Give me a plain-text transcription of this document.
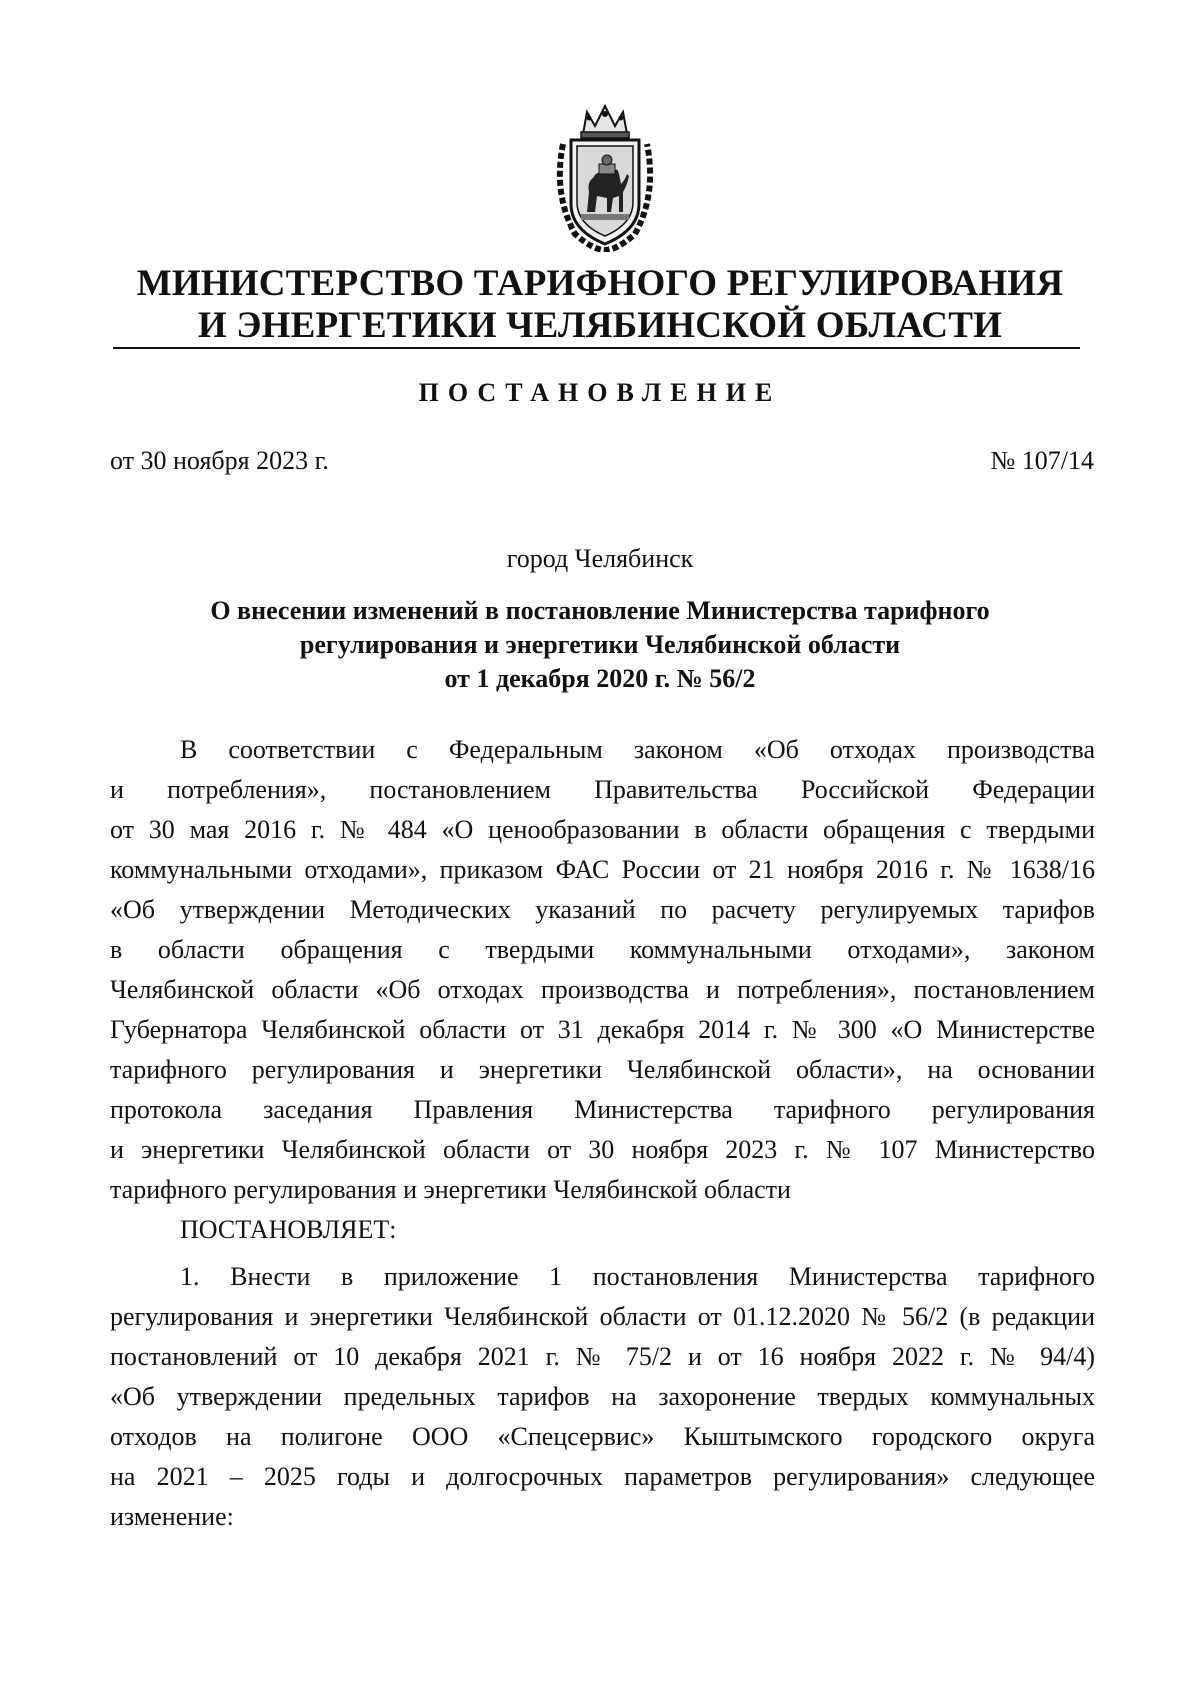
МИНИСТЕРСТВО ТАРИФНОГО РЕГУЛИРОВАНИЯ
И ЭНЕРГЕТИКИ ЧЕЛЯБИНСКОЙ ОБЛАСТИ
ПОСТАНОВЛЕНИЕ
от 30 ноября 2023 г.	№ 107/14
город Челябинск
О внесении изменений в постановление Министерства тарифного
регулирования и энергетики Челябинской области
от 1 декабря 2020 г. № 56/2
В соответствии с Федеральным законом «Об отходах производства
и потребления», постановлением Правительства Российской Федерации
от 30 мая 2016 г. № 484 «О ценообразовании в области обращения с твердыми
коммунальными отходами», приказом ФАС России от 21 ноября 2016 г. № 1638/16
«Об утверждении Методических указаний по расчету регулируемых тарифов
в области обращения с твердыми коммунальными отходами», законом
Челябинской области «Об отходах производства и потребления», постановлением
Губернатора Челябинской области от 31 декабря 2014 г. № 300 «О Министерстве
тарифного регулирования и энергетики Челябинской области», на основании
протокола заседания Правления Министерства тарифного регулирования
и энергетики Челябинской области от 30 ноября 2023 г. № 107 Министерство
тарифного регулирования и энергетики Челябинской области
ПОСТАНОВЛЯЕТ:
1. Внести в приложение 1 постановления Министерства тарифного
регулирования и энергетики Челябинской области от 01.12.2020 № 56/2 (в редакции
постановлений от 10 декабря 2021 г. № 75/2 и от 16 ноября 2022 г. № 94/4)
«Об утверждении предельных тарифов на захоронение твердых коммунальных
отходов на полигоне ООО «Спецсервис» Кыштымского городского округа
на 2021 – 2025 годы и долгосрочных параметров регулирования» следующее
изменение:
